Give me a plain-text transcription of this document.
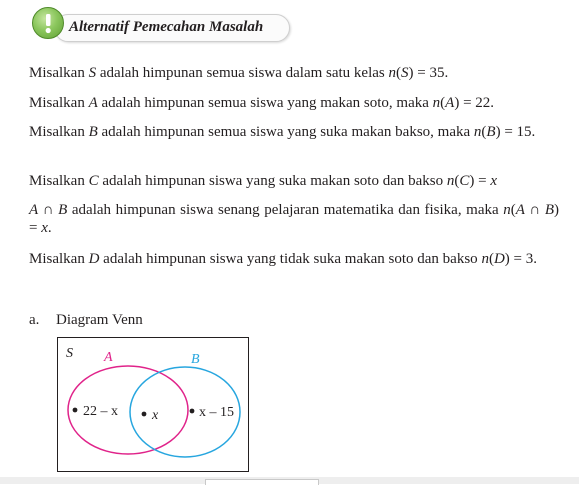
Alternatif Pemecahan Masalah
Misalkan S adalah himpunan semua siswa dalam satu kelas n(S) = 35.
Misalkan A adalah himpunan semua siswa yang makan soto, maka n(A) = 22.
Misalkan B adalah himpunan semua siswa yang suka makan bakso, maka n(B) = 15.
Misalkan C adalah himpunan siswa yang suka makan soto dan bakso n(C) = x
A ∩ B adalah himpunan siswa senang pelajaran matematika dan fisika, maka n(A ∩ B) = x.
Misalkan D adalah himpunan siswa yang tidak suka makan soto dan bakso n(D) = 3.
a. Diagram Venn
S A	B
22 – x x	x – 15
